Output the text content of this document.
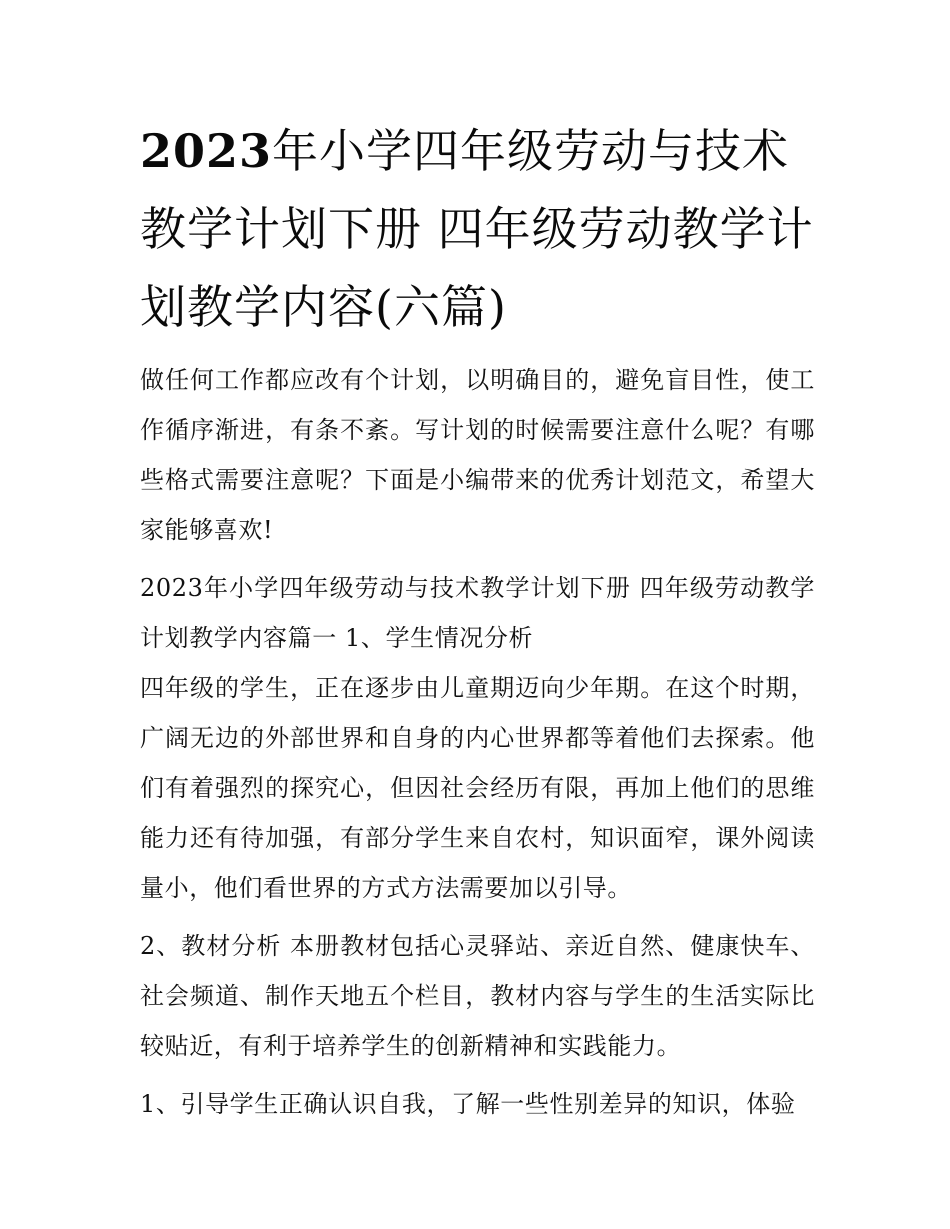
2023年小学四年级劳动与技术教学计划下册 四年级劳动教学计划教学内容(六篇)

做任何工作都应改有个计划，以明确目的，避免盲目性，使工作循序渐进，有条不紊。写计划的时候需要注意什么呢？有哪些格式需要注意呢？下面是小编带来的优秀计划范文，希望大家能够喜欢!

2023年小学四年级劳动与技术教学计划下册 四年级劳动教学计划教学内容篇一 1、学生情况分析

四年级的学生，正在逐步由儿童期迈向少年期。在这个时期，广阔无边的外部世界和自身的内心世界都等着他们去探索。他们有着强烈的探究心，但因社会经历有限，再加上他们的思维能力还有待加强，有部分学生来自农村，知识面窄，课外阅读量小，他们看世界的方式方法需要加以引导。

2、教材分析 本册教材包括心灵驿站、亲近自然、健康快车、社会频道、制作天地五个栏目，教材内容与学生的生活实际比较贴近，有利于培养学生的创新精神和实践能力。

1、引导学生正确认识自我，了解一些性别差异的知识，体验
